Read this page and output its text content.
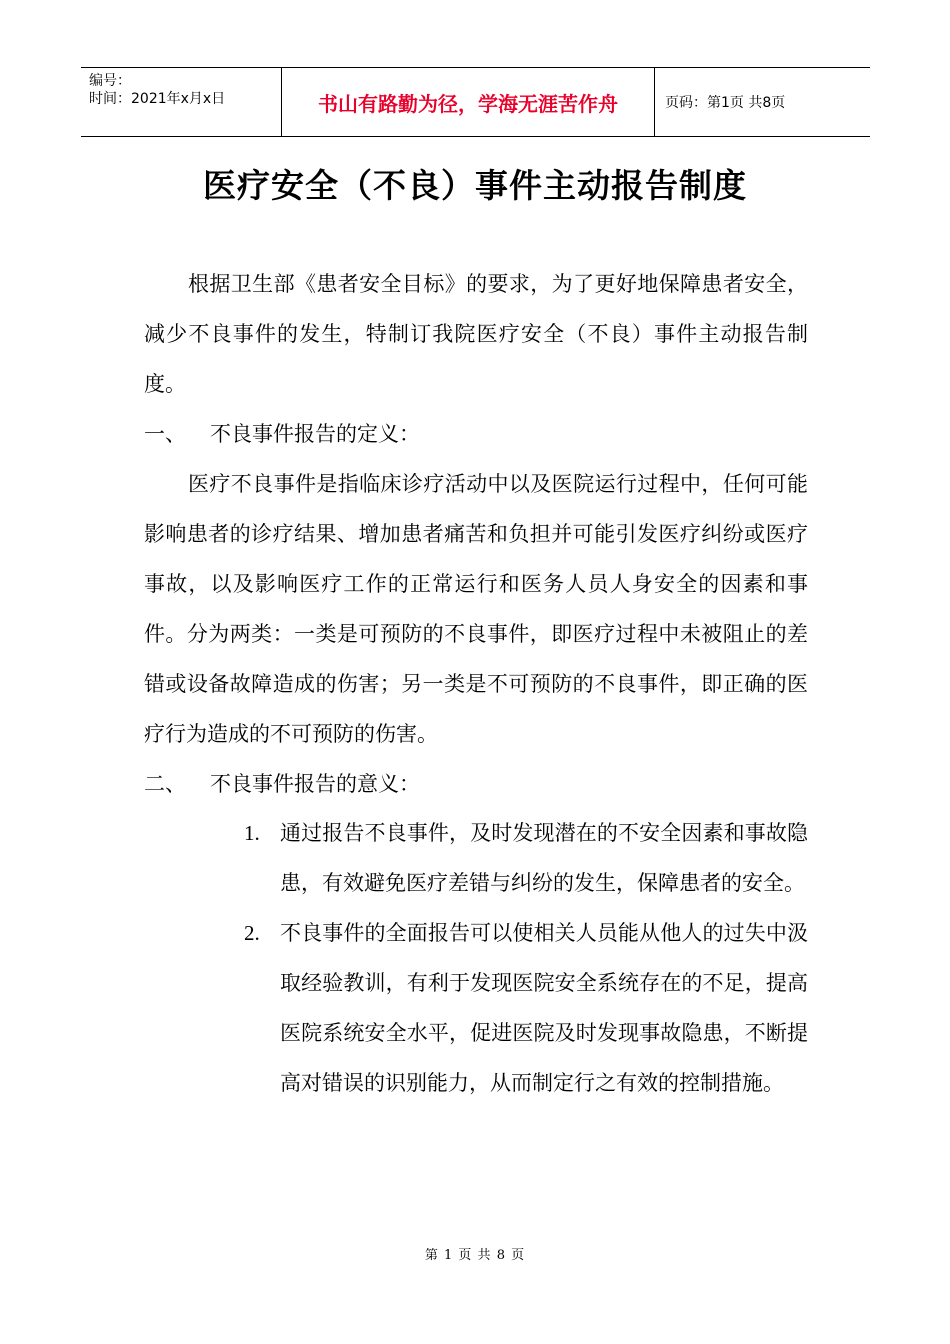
编号：
时间：2021年x月x日	书山有路勤为径，学海无涯苦作舟	页码：第1页 共8页
医疗安全（不良）事件主动报告制度

根据卫生部《患者安全目标》的要求，为了更好地保障患者安全，减少不良事件的发生，特制订我院医疗安全（不良）事件主动报告制度。

一、	不良事件报告的定义：

医疗不良事件是指临床诊疗活动中以及医院运行过程中，任何可能影响患者的诊疗结果、增加患者痛苦和负担并可能引发医疗纠纷或医疗事故，以及影响医疗工作的正常运行和医务人员人身安全的因素和事件。分为两类：一类是可预防的不良事件，即医疗过程中未被阻止的差错或设备故障造成的伤害；另一类是不可预防的不良事件，即正确的医疗行为造成的不可预防的伤害。

二、	不良事件报告的意义：

1. 通过报告不良事件，及时发现潜在的不安全因素和事故隐患，有效避免医疗差错与纠纷的发生，保障患者的安全。
2. 不良事件的全面报告可以使相关人员能从他人的过失中汲取经验教训，有利于发现医院安全系统存在的不足，提高医院系统安全水平，促进医院及时发现事故隐患，不断提高对错误的识别能力，从而制定行之有效的控制措施。
第 1 页 共 8 页
